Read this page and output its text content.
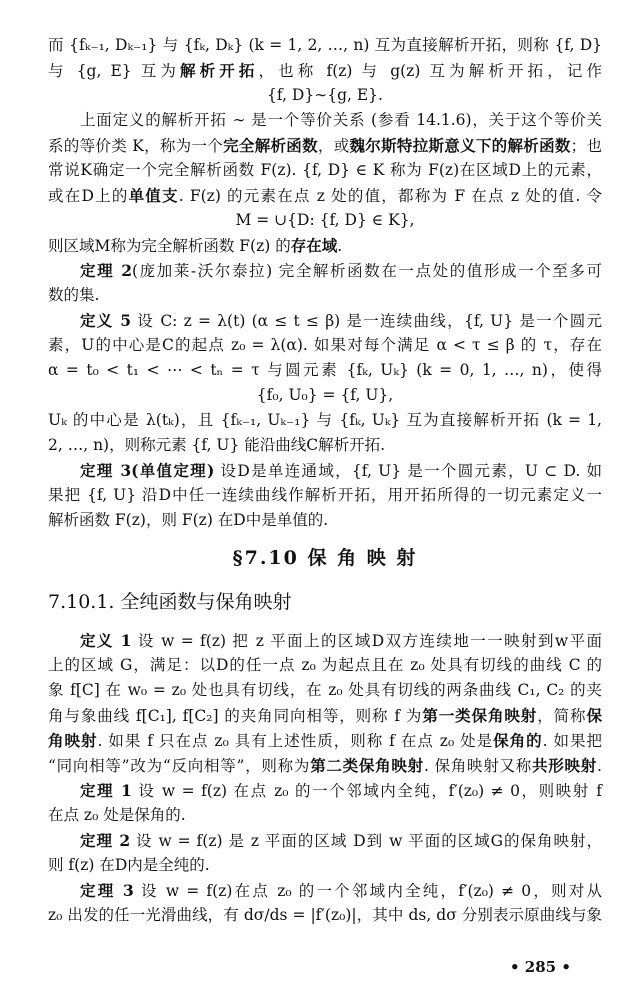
而 {fₖ₋₁, Dₖ₋₁} 与 {fₖ, Dₖ} (k = 1, 2, …, n) 互为直接解析开拓，则称 {f, D}
与 {g, E} 互为解析开拓，也称 f(z) 与 g(z) 互为解析开拓，记作
{f, D}∼{g, E}.
上面定义的解析开拓 ∼ 是一个等价关系 (参看 14.1.6)，关于这个等价关
系的等价类 K，称为一个完全解析函数，或魏尔斯特拉斯意义下的解析函数；也
常说K确定一个完全解析函数 F(z). {f, D} ∈ K 称为 F(z)在区域D上的元素，
或在D上的单值支. F(z) 的元素在点 z 处的值，都称为 F 在点 z 处的值. 令
M = ∪{D: {f, D} ∈ K},
则区域M称为完全解析函数 F(z) 的存在域.
定理 2(庞加莱-沃尔泰拉) 完全解析函数在一点处的值形成一个至多可
数的集.
定义 5 设 C: z = λ(t) (α ≤ t ≤ β) 是一连续曲线，{f, U} 是一个圆元
素，U的中心是C的起点 z₀ = λ(α). 如果对每个满足 α < τ ≤ β 的 τ，存在
α = t₀ < t₁ < ⋯ < tₙ = τ 与圆元素 {fₖ, Uₖ} (k = 0, 1, …, n)，使得
{f₀, U₀} = {f, U},
Uₖ 的中心是 λ(tₖ)，且 {fₖ₋₁, Uₖ₋₁} 与 {fₖ, Uₖ} 互为直接解析开拓 (k = 1,
2, …, n)，则称元素 {f, U} 能沿曲线C解析开拓.
定理 3(单值定理) 设D是单连通域，{f, U} 是一个圆元素，U ⊂ D. 如
果把 {f, U} 沿D中任一连续曲线作解析开拓，用开拓所得的一切元素定义一
解析函数 F(z)，则 F(z) 在D中是单值的.
§7.10 保 角 映 射
7.10.1. 全纯函数与保角映射
定义 1 设 w = f(z) 把 z 平面上的区域D双方连续地一一映射到w平面
上的区域 G，满足：以D的任一点 z₀ 为起点且在 z₀ 处具有切线的曲线 C 的
象 f[C] 在 w₀ = z₀ 处也具有切线，在 z₀ 处具有切线的两条曲线 C₁, C₂ 的夹
角与象曲线 f[C₁], f[C₂] 的夹角同向相等，则称 f 为第一类保角映射，简称保
角映射. 如果 f 只在点 z₀ 具有上述性质，则称 f 在点 z₀ 处是保角的. 如果把
“同向相等”改为“反向相等”，则称为第二类保角映射. 保角映射又称共形映射.
定理 1 设 w = f(z) 在点 z₀ 的一个邻域内全纯，f′(z₀) ≠ 0，则映射 f
在点 z₀ 处是保角的.
定理 2 设 w = f(z) 是 z 平面的区域 D到 w 平面的区域G的保角映射，
则 f(z) 在D内是全纯的.
定理 3 设 w = f(z)在点 z₀ 的一个邻域内全纯，f′(z₀) ≠ 0，则对从
z₀ 出发的任一光滑曲线，有 dσ/ds = |f′(z₀)|，其中 ds, dσ 分别表示原曲线与象
• 285 •
